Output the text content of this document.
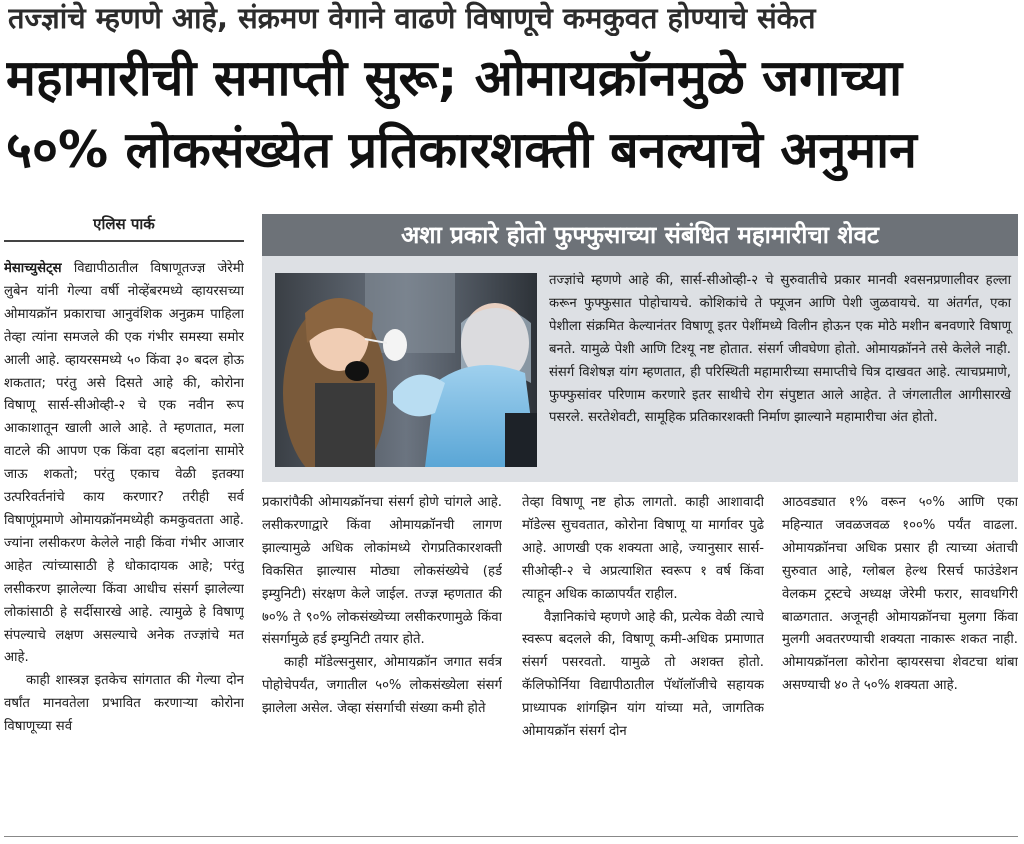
तज्ज्ञांचे म्हणणे आहे, संक्रमण वेगाने वाढणे विषाणूचे कमकुवत होण्याचे संकेत
महामारीची समाप्ती सुरू; ओमायक्रॉनमुळे जगाच्या
५०% लोकसंख्येत प्रतिकारशक्ती बनल्याचे अनुमान
एलिस पार्क

मेसाच्युसेट्स विद्यापीठातील विषाणूतज्ज्ञ जेरेमी लुबेन यांनी गेल्या वर्षी नोव्हेंबरमध्ये व्हायरसच्या ओमायक्रॉन प्रकाराचा आनुवंशिक अनुक्रम पाहिला तेव्हा त्यांना समजले की एक गंभीर समस्या समोर आली आहे. व्हायरसमध्ये ५० किंवा ३० बदल होऊ शकतात; परंतु असे दिसते आहे की, कोरोना विषाणू सार्स-सीओव्ही-२ चे एक नवीन रूप आकाशातून खाली आले आहे. ते म्हणतात, मला वाटले की आपण एक किंवा दहा बदलांना सामोरे जाऊ शकतो; परंतु एकाच वेळी इतक्या उत्परिवर्तनांचे काय करणार? तरीही सर्व विषाणूंप्रमाणे ओमायक्रॉनमध्येही कमकुवतता आहे. ज्यांना लसीकरण केलेले नाही किंवा गंभीर आजार आहेत त्यांच्यासाठी हे धोकादायक आहे; परंतु लसीकरण झालेल्या किंवा आधीच संसर्ग झालेल्या लोकांसाठी हे सर्दीसारखे आहे. त्यामुळे हे विषाणू संपल्याचे लक्षण असल्याचे अनेक तज्ज्ञांचे मत आहे.

काही शास्त्रज्ञ इतकेच सांगतात की गेल्या दोन वर्षांत मानवतेला प्रभावित करणाऱ्या कोरोना विषाणूच्या सर्व

अशा प्रकारे होतो फुफ्फुसाच्या संबंधित महामारीचा शेवट

तज्ज्ञांचे म्हणणे आहे की, सार्स-सीओव्ही-२ चे सुरुवातीचे प्रकार मानवी श्वसनप्रणालीवर हल्ला करून फुफ्फुसात पोहोचायचे. कोशिकांचे ते फ्यूजन आणि पेशी जुळवायचे. या अंतर्गत, एका पेशीला संक्रमित केल्यानंतर विषाणू इतर पेशींमध्ये विलीन होऊन एक मोठे मशीन बनवणारे विषाणू बनते. यामुळे पेशी आणि टिश्यू नष्ट होतात. संसर्ग जीवघेणा होतो. ओमायक्रॉनने तसे केलेले नाही. संसर्ग विशेषज्ञ यांग म्हणतात, ही परिस्थिती महामारीच्या समाप्तीचे चित्र दाखवत आहे. त्याचप्रमाणे, फुफ्फुसांवर परिणाम करणारे इतर साथीचे रोग संपुष्टात आले आहेत. ते जंगलातील आगीसारखे पसरले. सरतेशेवटी, सामूहिक प्रतिकारशक्ती निर्माण झाल्याने महामारीचा अंत होतो.

प्रकारांपैकी ओमायक्रॉनचा संसर्ग होणे चांगले आहे. लसीकरणाद्वारे किंवा ओमायक्रॉनची लागण झाल्यामुळे अधिक लोकांमध्ये रोगप्रतिकारशक्ती विकसित झाल्यास मोठ्या लोकसंख्येचे (हर्ड इम्युनिटी) संरक्षण केले जाईल. तज्ज्ञ म्हणतात की ७०% ते ९०% लोकसंख्येच्या लसीकरणामुळे किंवा संसर्गामुळे हर्ड इम्युनिटी तयार होते.

काही मॉडेल्सनुसार, ओमायक्रॉन जगात सर्वत्र पोहोचेपर्यंत, जगातील ५०% लोकसंख्येला संसर्ग झालेला असेल. जेव्हा संसर्गाची संख्या कमी होते

तेव्हा विषाणू नष्ट होऊ लागतो. काही आशावादी मॉडेल्स सुचवतात, कोरोना विषाणू या मार्गावर पुढे आहे. आणखी एक शक्यता आहे, ज्यानुसार सार्स-सीओव्ही-२ चे अप्रत्याशित स्वरूप १ वर्ष किंवा त्याहून अधिक काळापर्यंत राहील.

वैज्ञानिकांचे म्हणणे आहे की, प्रत्येक वेळी त्याचे स्वरूप बदलले की, विषाणू कमी-अधिक प्रमाणात संसर्ग पसरवतो. यामुळे तो अशक्त होतो. कॅलिफोर्निया विद्यापीठातील पॅथॉलॉजीचे सहायक प्राध्यापक शांगझिन यांग यांच्या मते, जागतिक ओमायक्रॉन संसर्ग दोन

आठवड्यात १% वरून ५०% आणि एका महिन्यात जवळजवळ १००% पर्यंत वाढला. ओमायक्रॉनचा अधिक प्रसार ही त्याच्या अंताची सुरुवात आहे, ग्लोबल हेल्थ रिसर्च फाउंडेशन वेलकम ट्रस्टचे अध्यक्ष जेरेमी फरार, सावधगिरी बाळगतात. अजूनही ओमायक्रॉनचा मुलगा किंवा मुलगी अवतरण्याची शक्यता नाकारू शकत नाही. ओमायक्रॉनला कोरोना व्हायरसचा शेवटचा थांबा असण्याची ४० ते ५०% शक्यता आहे.
